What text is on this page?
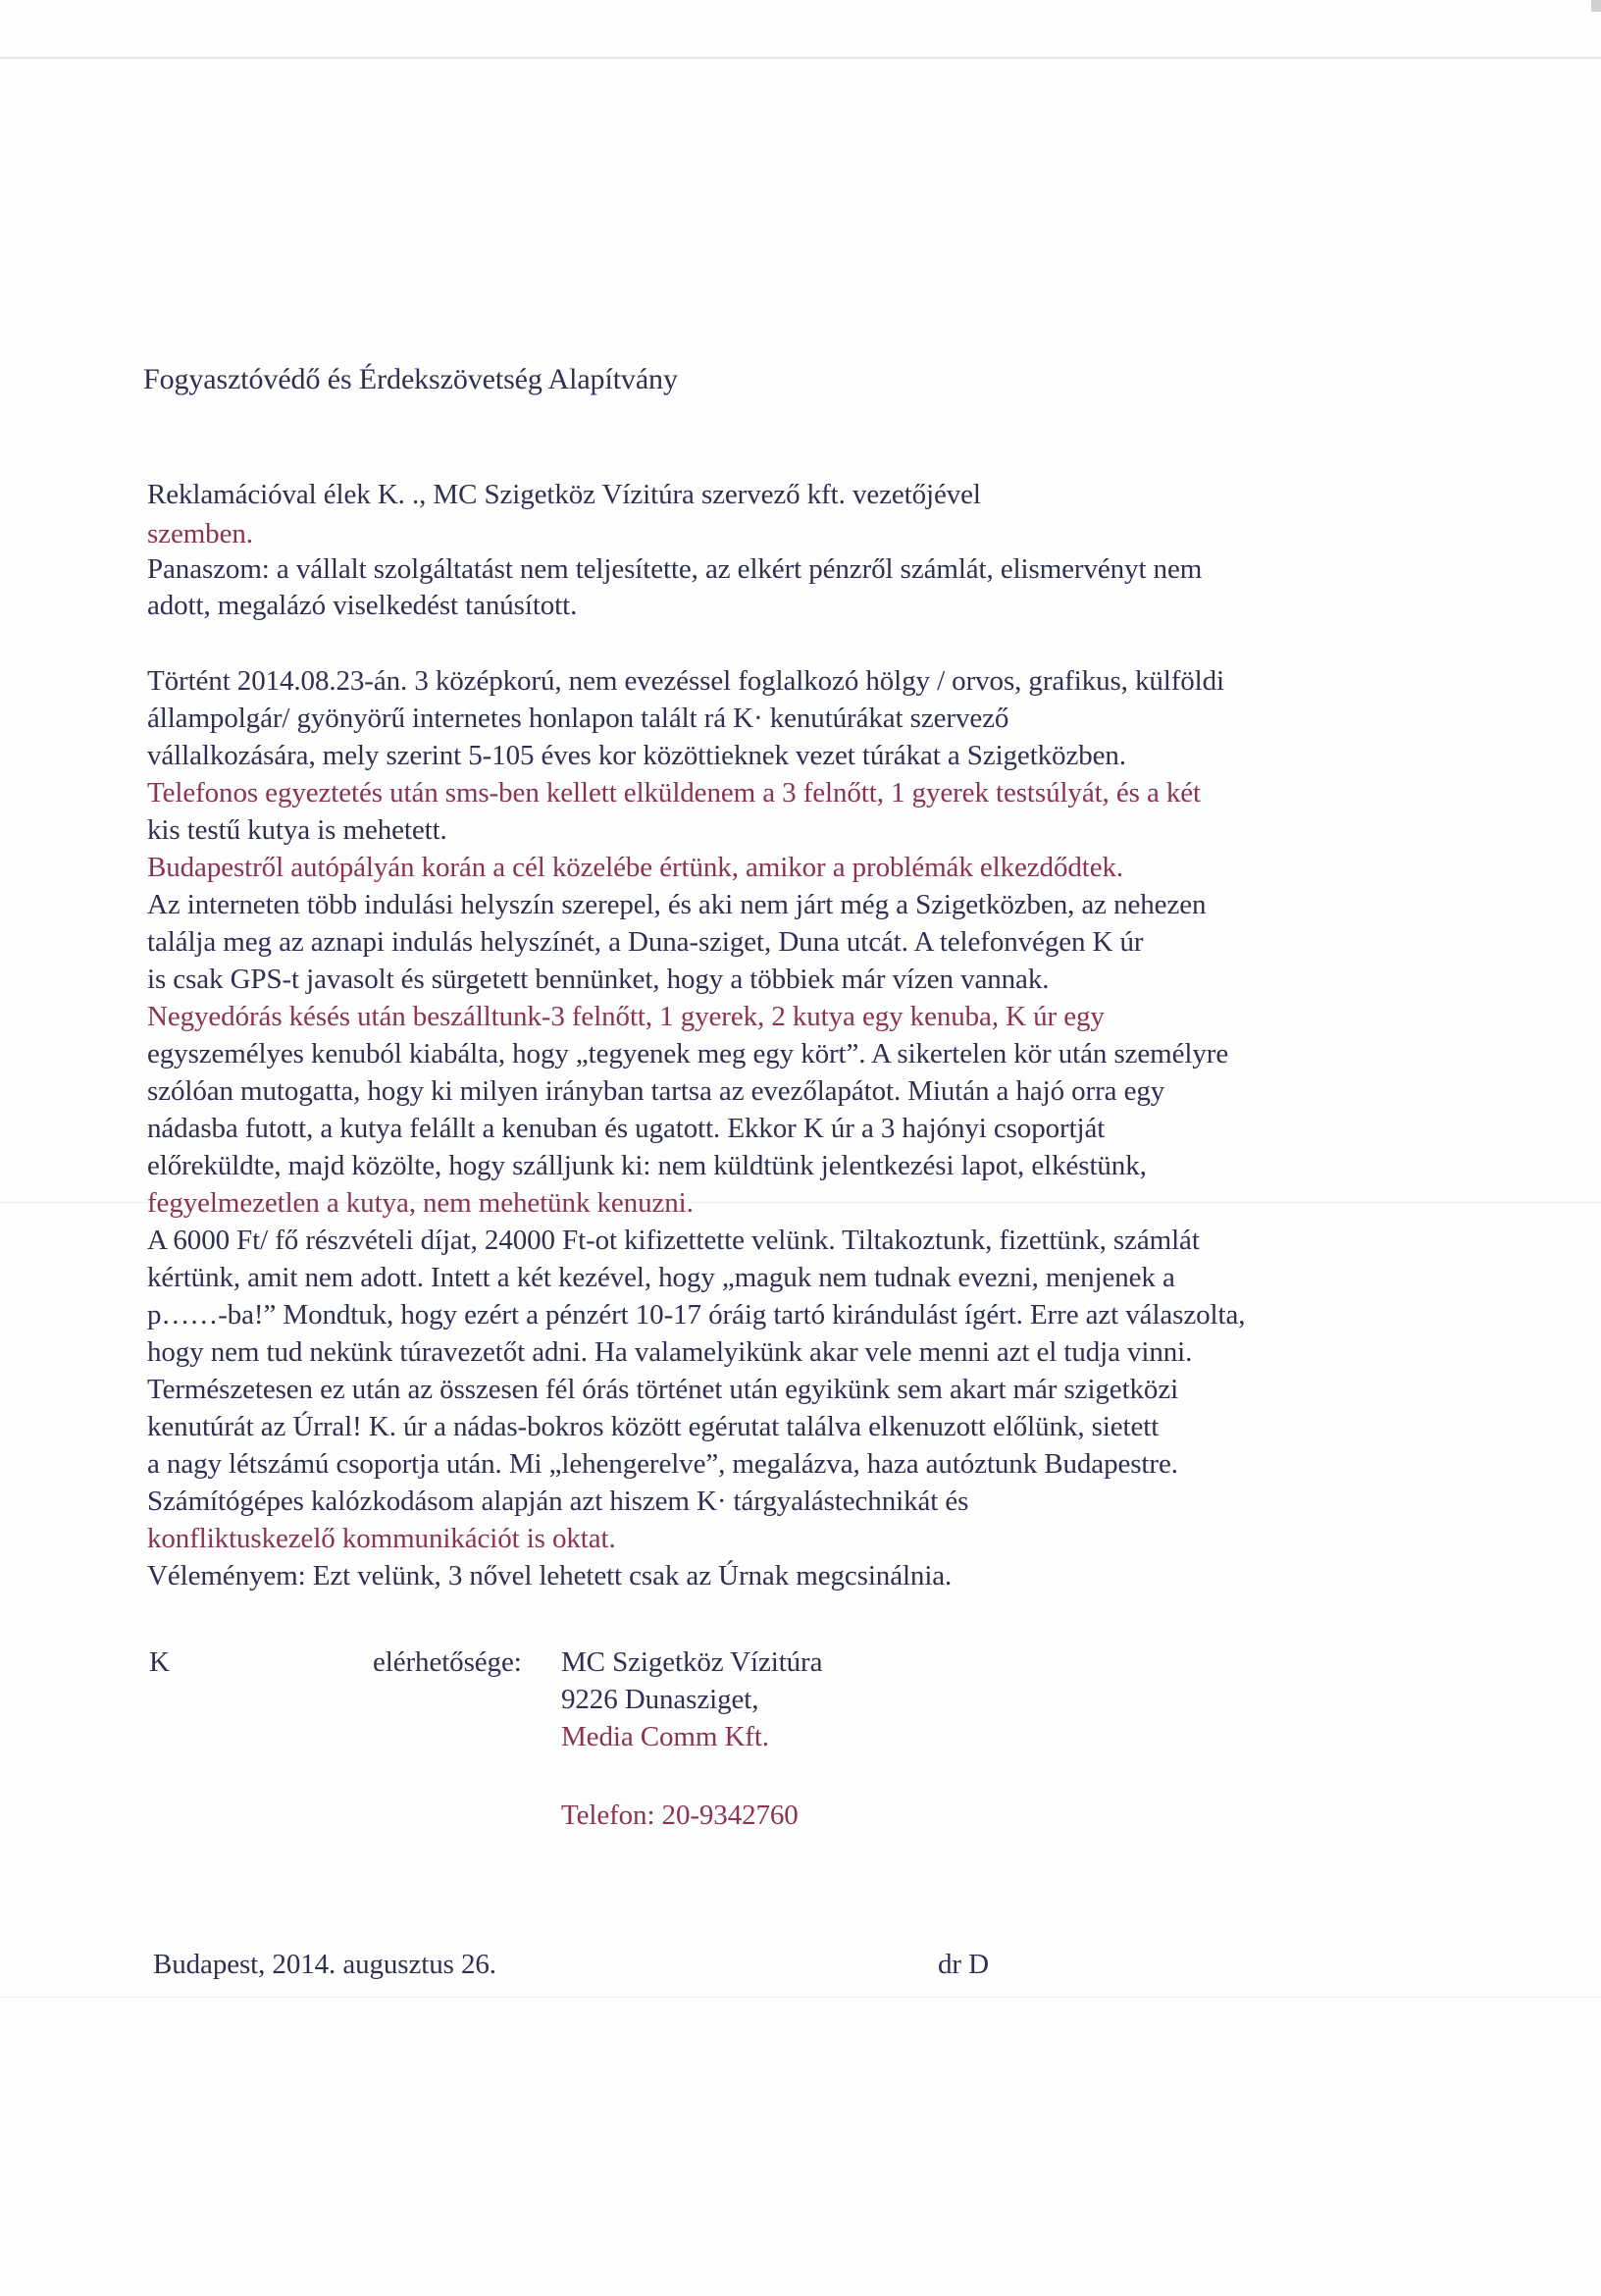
Fogyasztóvédő és Érdekszövetség Alapítvány
Reklamációval élek K. ., MC Szigetköz Vízitúra szervező kft. vezetőjével
szemben.
Panaszom: a vállalt szolgáltatást nem teljesítette, az elkért pénzről számlát, elismervényt nem
adott, megalázó viselkedést tanúsított.
Történt 2014.08.23-án. 3 középkorú, nem evezéssel foglalkozó hölgy / orvos, grafikus, külföldi
állampolgár/ gyönyörű internetes honlapon talált rá K· kenutúrákat szervező
vállalkozására, mely szerint 5-105 éves kor közöttieknek vezet túrákat a Szigetközben.
Telefonos egyeztetés után sms-ben kellett elküldenem a 3 felnőtt, 1 gyerek testsúlyát, és a két
kis testű kutya is mehetett.
Budapestről autópályán korán a cél közelébe értünk, amikor a problémák elkezdődtek.
Az interneten több indulási helyszín szerepel, és aki nem járt még a Szigetközben, az nehezen
találja meg az aznapi indulás helyszínét, a Duna-sziget, Duna utcát. A telefonvégen K úr
is csak GPS-t javasolt és sürgetett bennünket, hogy a többiek már vízen vannak.
Negyedórás késés után beszálltunk-3 felnőtt, 1 gyerek, 2 kutya egy kenuba, K úr egy
egyszemélyes kenuból kiabálta, hogy „tegyenek meg egy kört”. A sikertelen kör után személyre
szólóan mutogatta, hogy ki milyen irányban tartsa az evezőlapátot. Miután a hajó orra egy
nádasba futott, a kutya felállt a kenuban és ugatott. Ekkor K úr a 3 hajónyi csoportját
előreküldte, majd közölte, hogy szálljunk ki: nem küldtünk jelentkezési lapot, elkéstünk,
fegyelmezetlen a kutya, nem mehetünk kenuzni.
A 6000 Ft/ fő részvételi díjat, 24000 Ft-ot kifizettette velünk. Tiltakoztunk, fizettünk, számlát
kértünk, amit nem adott. Intett a két kezével, hogy „maguk nem tudnak evezni, menjenek a
p……-ba!” Mondtuk, hogy ezért a pénzért 10-17 óráig tartó kirándulást ígért. Erre azt válaszolta,
hogy nem tud nekünk túravezetőt adni. Ha valamelyikünk akar vele menni azt el tudja vinni.
Természetesen ez után az összesen fél órás történet után egyikünk sem akart már szigetközi
kenutúrát az Úrral! K. úr a nádas-bokros között egérutat találva elkenuzott előlünk, sietett
a nagy létszámú csoportja után. Mi „lehengerelve”, megalázva, haza autóztunk Budapestre.
Számítógépes kalózkodásom alapján azt hiszem K· tárgyalástechnikát és
konfliktuskezelő kommunikációt is oktat.
Véleményem: Ezt velünk, 3 nővel lehetett csak az Úrnak megcsinálnia.
K	elérhetősége: MC Szigetköz Vízitúra
9226 Dunasziget,
Media Comm Kft.
Telefon: 20-9342760
Budapest, 2014. augusztus 26.	dr D
